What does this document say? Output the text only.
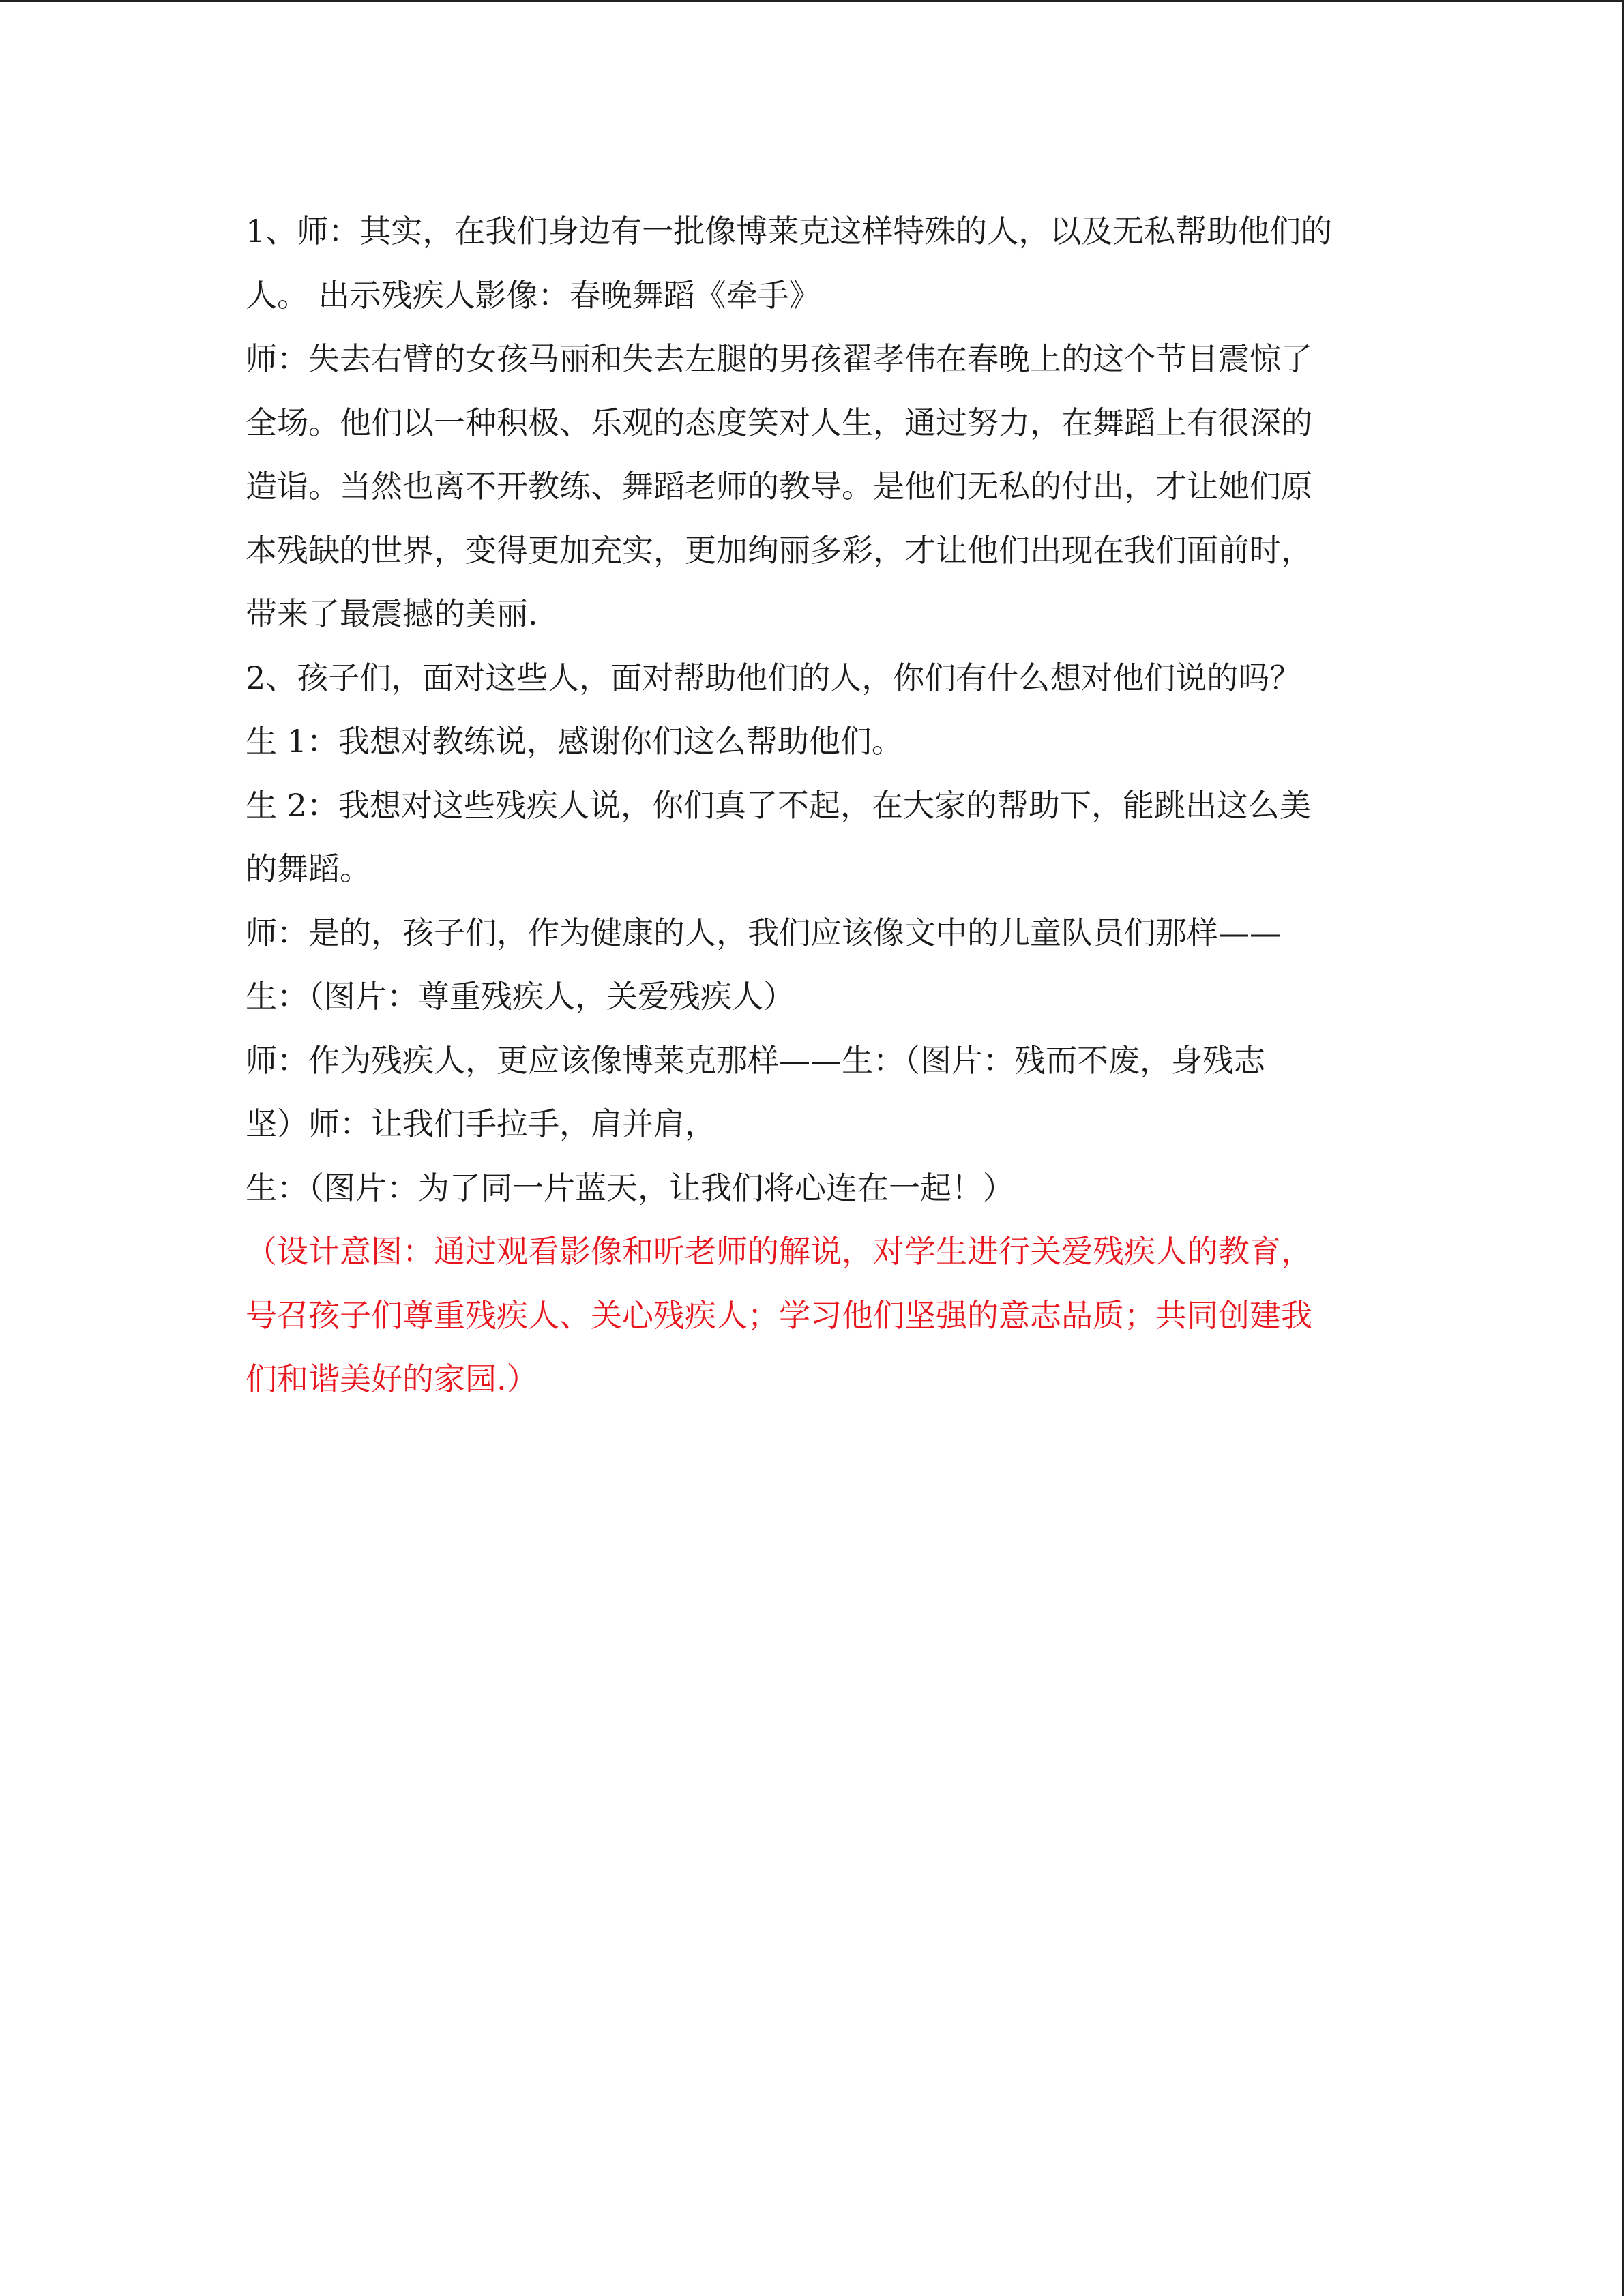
1、师：其实，在我们身边有一批像博莱克这样特殊的人，以及无私帮助他们的
人。 出示残疾人影像：春晚舞蹈《牵手》
师：失去右臂的女孩马丽和失去左腿的男孩翟孝伟在春晚上的这个节目震惊了
全场。他们以一种积极、乐观的态度笑对人生，通过努力，在舞蹈上有很深的
造诣。当然也离不开教练、舞蹈老师的教导。是他们无私的付出，才让她们原
本残缺的世界，变得更加充实，更加绚丽多彩，才让他们出现在我们面前时，
带来了最震撼的美丽.
2、孩子们，面对这些人，面对帮助他们的人，你们有什么想对他们说的吗？
生 1：我想对教练说，感谢你们这么帮助他们。
生 2：我想对这些残疾人说，你们真了不起，在大家的帮助下，能跳出这么美
的舞蹈。
师：是的，孩子们，作为健康的人，我们应该像文中的儿童队员们那样——
生：（图片：尊重残疾人，关爱残疾人）
师：作为残疾人，更应该像博莱克那样——生：（图片：残而不废，身残志
坚）师：让我们手拉手，肩并肩，
生：（图片：为了同一片蓝天，让我们将心连在一起！）
（设计意图：通过观看影像和听老师的解说，对学生进行关爱残疾人的教育，
号召孩子们尊重残疾人、关心残疾人；学习他们坚强的意志品质；共同创建我
们和谐美好的家园.）
